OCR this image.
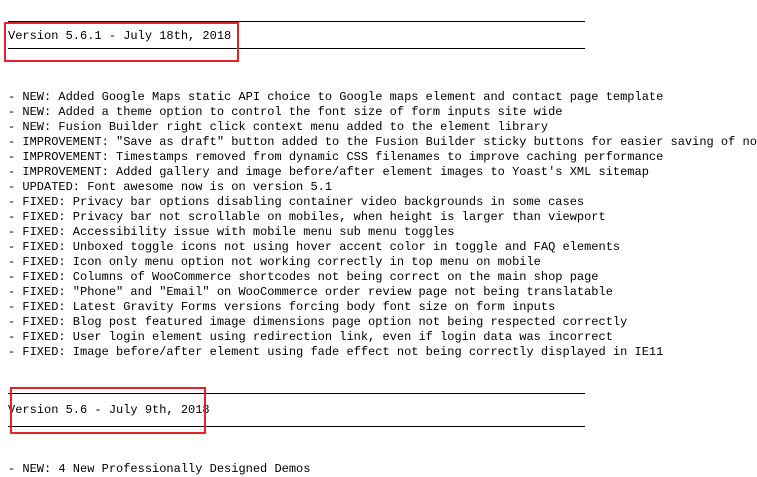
Version 5.6.1 - July 18th, 2018
- NEW: Added Google Maps static API choice to Google maps element and contact page template
- NEW: Added a theme option to control the font size of form inputs site wide
- NEW: Fusion Builder right click context menu added to the element library
- IMPROVEMENT: "Save as draft" button added to the Fusion Builder sticky buttons for easier saving of no
- IMPROVEMENT: Timestamps removed from dynamic CSS filenames to improve caching performance
- IMPROVEMENT: Added gallery and image before/after element images to Yoast's XML sitemap
- UPDATED: Font awesome now is on version 5.1
- FIXED: Privacy bar options disabling container video backgrounds in some cases
- FIXED: Privacy bar not scrollable on mobiles, when height is larger than viewport
- FIXED: Accessibility issue with mobile menu sub menu toggles
- FIXED: Unboxed toggle icons not using hover accent color in toggle and FAQ elements
- FIXED: Icon only menu option not working correctly in top menu on mobile
- FIXED: Columns of WooCommerce shortcodes not being correct on the main shop page
- FIXED: "Phone" and "Email" on WooCommerce order review page not being translatable
- FIXED: Latest Gravity Forms versions forcing body font size on form inputs
- FIXED: Blog post featured image dimensions page option not being respected correctly
- FIXED: User login element using redirection link, even if login data was incorrect
- FIXED: Image before/after element using fade effect not being correctly displayed in IE11
Version 5.6 - July 9th, 2018
- NEW: 4 New Professionally Designed Demos
